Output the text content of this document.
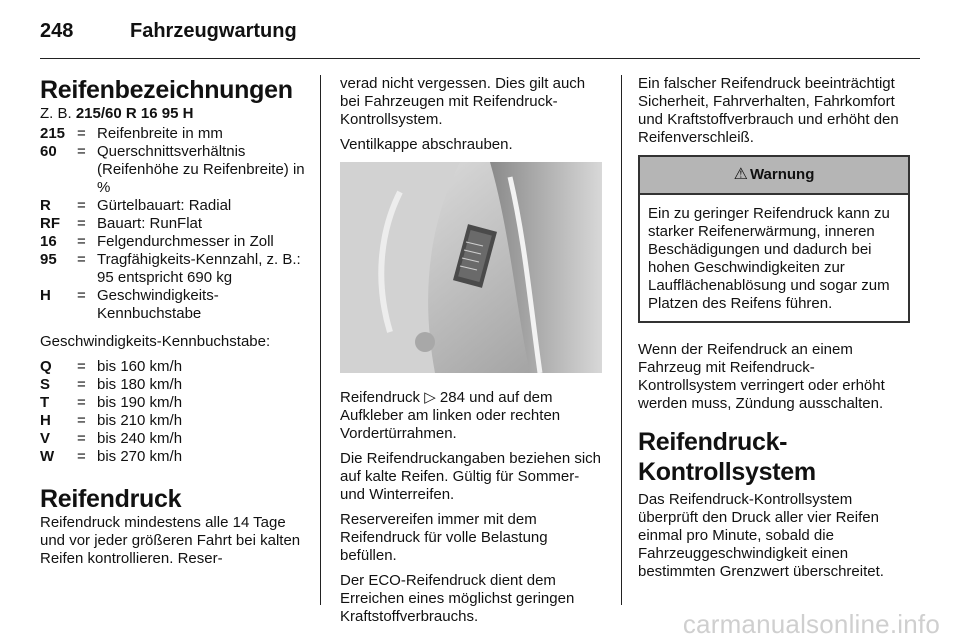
248	Fahrzeugwartung
Reifenbezeichnungen
Z. B. 215/60 R 16 95 H
215 = Reifenbreite in mm
60	= Querschnittsverhältnis (Reifenhöhe zu Reifenbreite) in %
R	= Gürtelbauart: Radial
RF	= Bauart: RunFlat
16	= Felgendurchmesser in Zoll
95	= Tragfähigkeits-Kennzahl, z. B.: 95 entspricht 690 kg
H	= Geschwindigkeits-Kennbuchstabe

Geschwindigkeits-Kennbuchstabe:

Q	= bis 160 km/h
S	= bis 180 km/h
T	= bis 190 km/h
H	= bis 210 km/h
V	= bis 240 km/h
W	= bis 270 km/h
Reifendruck

Reifendruck mindestens alle 14 Tage und vor jeder größeren Fahrt bei kalten Reifen kontrollieren. Reser-

verad nicht vergessen. Dies gilt auch bei Fahrzeugen mit Reifendruck-Kontrollsystem.

Ventilkappe abschrauben.

Reifendruck ▷ 284 und auf dem Aufkleber am linken oder rechten Vordertürrahmen.

Die Reifendruckangaben beziehen sich auf kalte Reifen. Gültig für Sommer- und Winterreifen.

Reservereifen immer mit dem Reifendruck für volle Belastung befüllen.

Der ECO-Reifendruck dient dem Erreichen eines möglichst geringen Kraftstoffverbrauchs.

Ein falscher Reifendruck beeinträchtigt Sicherheit, Fahrverhalten, Fahrkomfort und Kraftstoffverbrauch und erhöht den Reifenverschleiß.

⚠ Warnung
Ein zu geringer Reifendruck kann zu starker Reifenerwärmung, inneren Beschädigungen und dadurch bei hohen Geschwindigkeiten zur Laufflächenablösung und sogar zum Platzen des Reifens führen.

Wenn der Reifendruck an einem Fahrzeug mit Reifendruck-Kontrollsystem verringert oder erhöht werden muss, Zündung ausschalten.

Reifendruck-Kontrollsystem

Das Reifendruck-Kontrollsystem überprüft den Druck aller vier Reifen einmal pro Minute, sobald die Fahrzeuggeschwindigkeit einen bestimmten Grenzwert überschreitet.

carmanualsonline.info
